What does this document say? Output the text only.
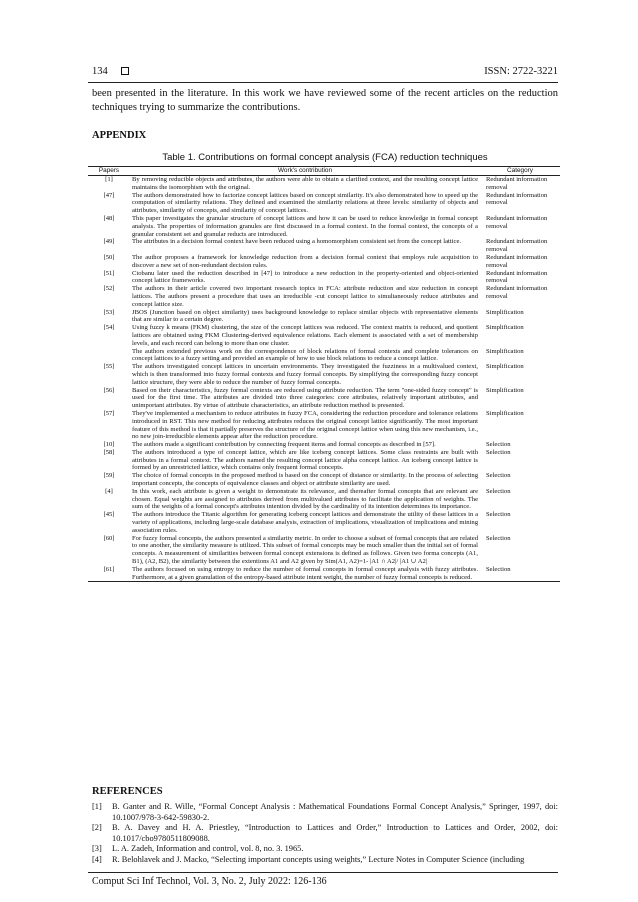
134	ISSN: 2722-3221

been presented in the literature. In this work we have reviewed some of the recent articles on the reduction techniques trying to summarize the contributions.

APPENDIX
Table 1. Contributions on formal concept analysis (FCA) reduction techniques
Papers	Work's contribution	Category
[1]	By removing reducible objects and attributes, the authors were able to obtain a clarified context, and the resulting concept lattice maintains the isomorphism with the original.	Redundant information removal
[47]	The authors demonstrated how to factorize concept lattices based on concept similarity. It's also demonstrated how to speed up the computation of similarity relations. They defined and examined the similarity relations at three levels: similarity of objects and attributes, similarity of concepts, and similarity of concept lattices.	Redundant information removal
[48]	This paper investigates the granular structure of concept lattices and how it can be used to reduce knowledge in formal concept analysis. The properties of information granules are first discussed in a formal context. In the formal context, the concepts of a granular consistent set and granular reducts are introduced.	Redundant information removal
[49]	The attributes in a decision formal context have been reduced using a homomorphism consistent set from the concept lattice.	Redundant information removal
[50]	The author proposes a framework for knowledge reduction from a decision formal context that employs rule acquisition to discover a new set of non-redundant decision rules.	Redundant information removal
[51]	Ciobanu later used the reduction described in [47] to introduce a new reduction in the property-oriented and object-oriented concept lattice frameworks.	Redundant information removal
[52]	The authors in their article covered two important research topics in FCA: attribute reduction and size reduction in concept lattices. The authors present a procedure that uses an irreducible -cut concept lattice to simultaneously reduce attributes and concept lattice size.	Redundant information removal
[53]	JBOS (Junction based on object similarity) uses background knowledge to replace similar objects with representative elements that are similar to a certain degree.	Simplification
[54]	Using fuzzy k means (FKM) clustering, the size of the concept lattices was reduced. The context matrix is reduced, and quotient lattices are obtained using FKM Clustering-derived equivalence relations. Each element is associated with a set of membership levels, and each record can belong to more than one cluster.	Simplification
	The authors extended previous work on the correspondence of block relations of formal contexts and complete tolerances on concept lattices to a fuzzy setting and provided an example of how to use block relations to reduce a concept lattice.	Simplification
[55]	The authors investigated concept lattices in uncertain environments. They investigated the fuzziness in a multivalued context, which is then transformed into fuzzy formal contexts and fuzzy formal concepts. By simplifying the corresponding fuzzy concept lattice structure, they were able to reduce the number of fuzzy formal concepts.	Simplification
[56]	Based on their characteristics, fuzzy formal contexts are reduced using attribute reduction. The term "one-sided fuzzy concept" is used for the first time. The attributes are divided into three categories: core attributes, relatively important attributes, and unimportant attributes. By virtue of attribute characteristics, an attribute reduction method is presented.	Simplification
[57]	They've implemented a mechanism to reduce attributes in fuzzy FCA, considering the reduction procedure and tolerance relations introduced in RST. This new method for reducing attributes reduces the original concept lattice significantly. The most important feature of this method is that it partially preserves the structure of the original concept lattice when using this new mechanism, i.e., no new join-irreducible elements appear after the reduction procedure.	Simplification
[10]	The authors made a significant contribution by connecting frequent items and formal concepts as described in [57].	Selection
[58]	The authors introduced a type of concept lattice, which are like iceberg concept lattices. Some class restraints are built with attributes in a formal context. The authors named the resulting concept lattice alpha concept lattice. An iceberg concept lattice is formed by an unrestricted lattice, which contains only frequent formal concepts.	Selection
[59]	The choice of formal concepts in the proposed method is based on the concept of distance or similarity. In the process of selecting important concepts, the concepts of equivalence classes and object or attribute similarity are used.	Selection
[4]	In this work, each attribute is given a weight to demonstrate its relevance, and thereafter formal concepts that are relevant are chosen. Equal weights are assigned to attributes derived from multivalued attributes to facilitate the application of weights. The sum of the weights of a formal concept's attributes intention divided by the cardinality of its intention determines its importance.	Selection
[45]	The authors introduce the Titanic algorithm for generating iceberg concept lattices and demonstrate the utility of these lattices in a variety of applications, including large-scale database analysis, extraction of implications, visualization of implications and mining association rules.	Selection
[60]	For fuzzy formal concepts, the authors presented a similarity metric. In order to choose a subset of formal concepts that are related to one another, the similarity measure is utilized. This subset of formal concepts may be much smaller than the initial set of formal concepts. A measurement of similarities between formal concept extensions is defined as follows. Given two forma concepts (A1, B1), (A2, B2), the similarity between the extentions A1 and A2 given by Sim(A1, A2)=1- |A1 ∩ A2|/ |A1 ∪ A2|	Selection
[61]	The authors focused on using entropy to reduce the number of formal concepts in formal concept analysis with fuzzy attributes. Furthermore, at a given granulation of the entropy-based attribute intent weight, the number of fuzzy formal concepts is reduced.	Selection
REFERENCES
[1] B. Ganter and R. Wille, “Formal Concept Analysis : Mathematical Foundations Formal Concept Analysis,” Springer, 1997, doi: 10.1007/978-3-642-59830-2.
[2] B. A. Davey and H. A. Priestley, “Introduction to Lattices and Order,” Introduction to Lattices and Order, 2002, doi: 10.1017/cbo9780511809088.
[3] L. A. Zadeh, Information and control, vol. 8, no. 3. 1965.
[4] R. Belohlavek and J. Macko, “Selecting important concepts using weights,” Lecture Notes in Computer Science (including
Comput Sci Inf Technol, Vol. 3, No. 2, July 2022: 126-136
